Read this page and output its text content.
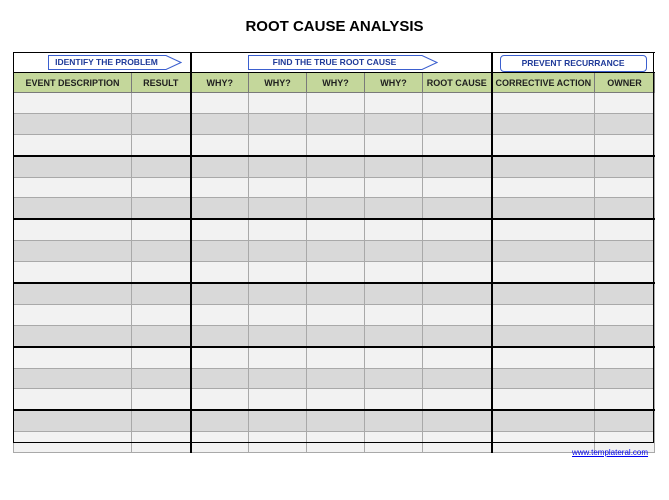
ROOT CAUSE ANALYSIS
IDENTIFY THE PROBLEM		FIND THE TRUE ROOT CAUSE					PREVENT RECURRANCE	

EVENT DESCRIPTION	RESULT	WHY?	WHY?	WHY?	WHY?	ROOT CAUSE	CORRECTIVE ACTION	OWNER

www.templateral.com
